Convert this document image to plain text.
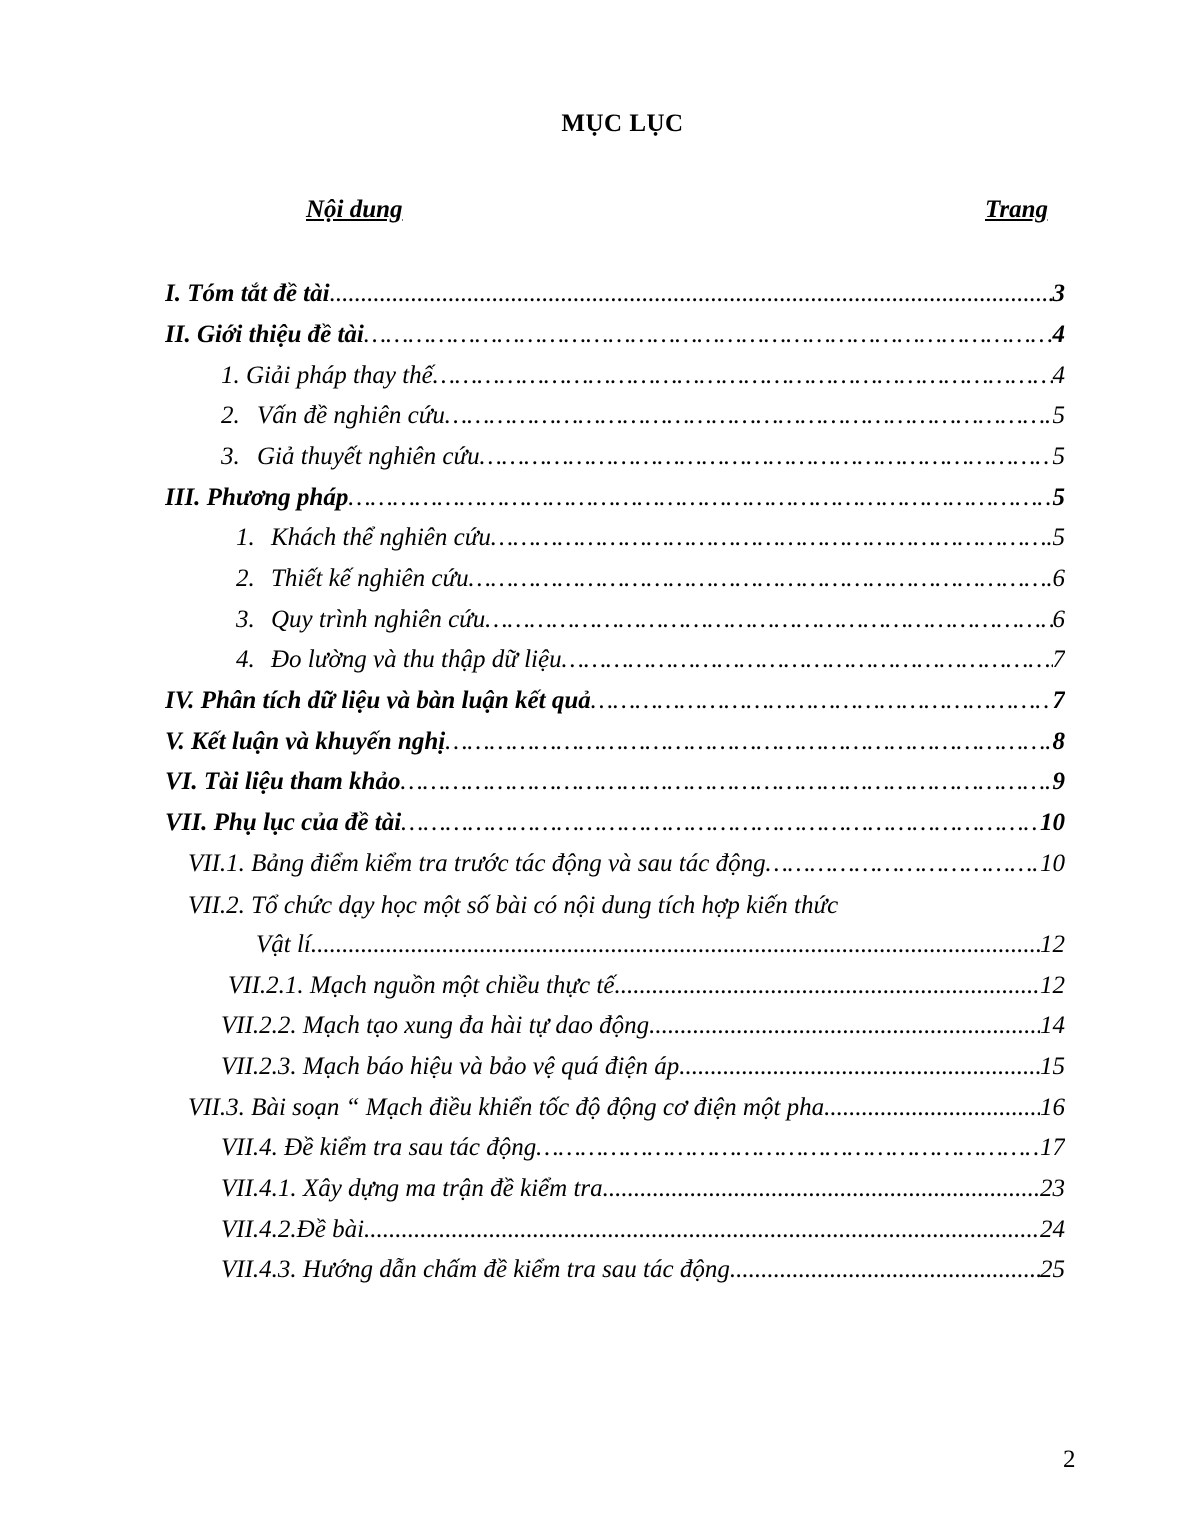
MỤC LỤC
Nội dung	Trang
I. Tóm tắt đề tài .....	3
II. Giới thiệu đề tài ……………………………………………………………………………………………………………………………………………………………………………………………………………………	4
1. Giải pháp thay thế ……………………………………………………………………………………………………………………………………………………………………………………………………………………	4
2. Vấn đề nghiên cứu ……………………………………………………………………………………………………………………………………………………………………………………………………………………	5
3. Giả thuyết nghiên cứu ……………………………………………………………………………………………………………………………………………………………………………………………………………………	5
III. Phương pháp ……………………………………………………………………………………………………………………………………………………………………………………………………………………	5
1. Khách thể nghiên cứu ……………………………………………………………………………………………………………………………………………………………………………………………………………………	5
2. Thiết kế nghiên cứu ……………………………………………………………………………………………………………………………………………………………………………………………………………………	6
3. Quy trình nghiên cứu ……………………………………………………………………………………………………………………………………………………………………………………………………………………	6
4. Đo lường và thu thập dữ liệu ……………………………………………………………………………………………………………………………………………………………………………………………………………………	7
IV. Phân tích dữ liệu và bàn luận kết quả ……………………………………………………………………………………………………………………………………………………………………………………………………………………	7
V. Kết luận và khuyến nghị ……………………………………………………………………………………………………………………………………………………………………………………………………………………	8
VI. Tài liệu tham khảo ……………………………………………………………………………………………………………………………………………………………………………………………………………………	9
VII. Phụ lục của đề tài ……………………………………………………………………………………………………………………………………………………………………………………………………………………	10
VII.1. Bảng điểm kiểm tra trước tác động và sau tác động ……………………………………………………………………………………………………………………………………………………………………………………………………………………	10
VII.2. Tổ chức dạy học một số bài có nội dung tích hợp kiến thức
Vật lí .....	12
VII.2.1. Mạch nguồn một chiều thực tế .....	12
VII.2.2. Mạch tạo xung đa hài tự dao động .....	14
VII.2.3. Mạch báo hiệu và bảo vệ quá điện áp .....	15
VII.3. Bài soạn “ Mạch điều khiển tốc độ động cơ điện một pha .....	16
VII.4. Đề kiểm tra sau tác động ……………………………………………………………………………………………………………………………………………………………………………………………………………………	17
VII.4.1. Xây dựng ma trận đề kiểm tra .....	23
VII.4.2.Đề bài .....	24
VII.4.3. Hướng dẫn chấm đề kiểm tra sau tác động .....	25
2
